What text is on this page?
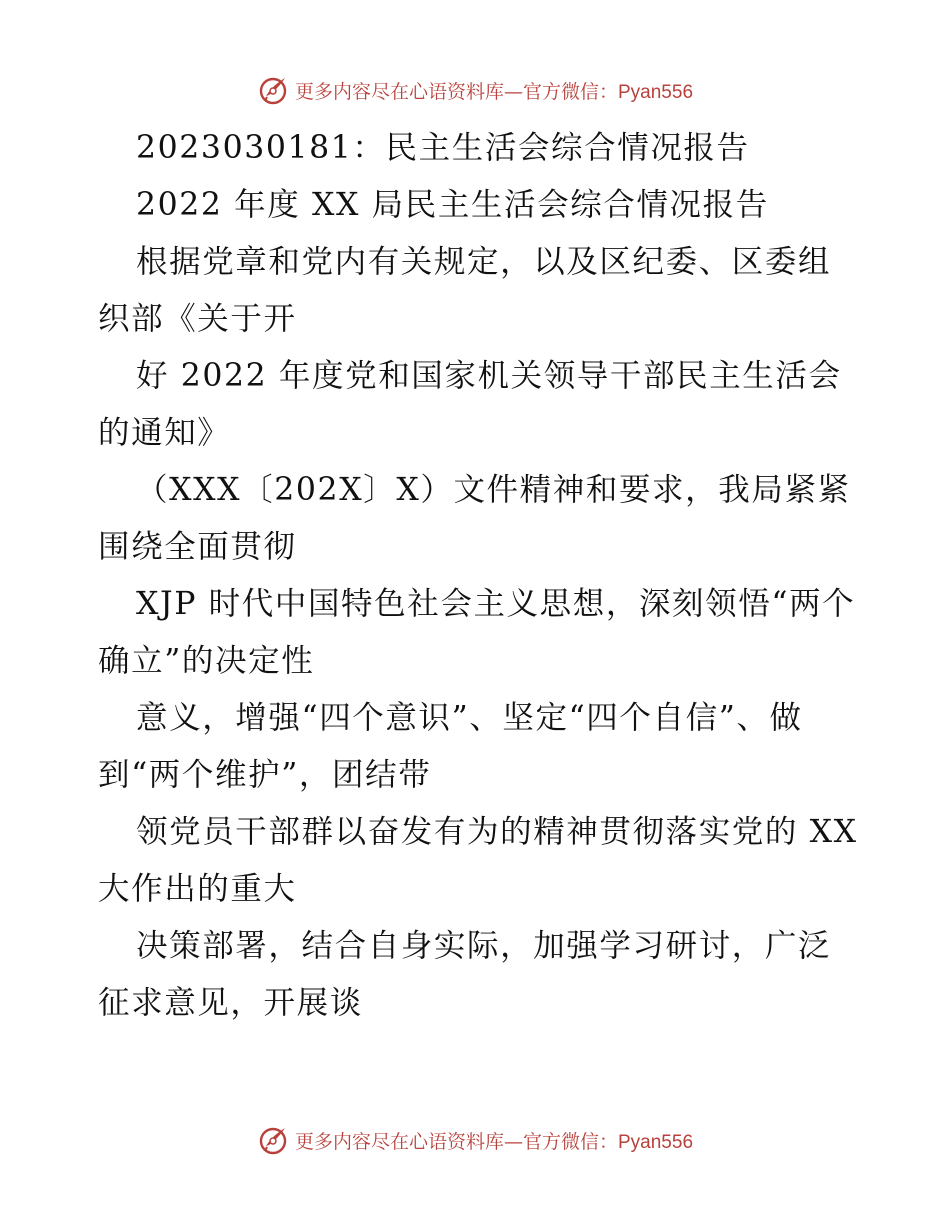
更多内容尽在心语资料库—官方微信：Pyan556

2023030181：民主生活会综合情况报告

2022 年度 XX 局民主生活会综合情况报告

根据党章和党内有关规定，以及区纪委、区委组织部《关于开

好 2022 年度党和国家机关领导干部民主生活会的通知》

（XXX〔202X〕X）文件精神和要求，我局紧紧围绕全面贯彻

XJP 时代中国特色社会主义思想，深刻领悟“两个确立”的决定性

意义，增强“四个意识”、坚定“四个自信”、做到“两个维护”，团结带

领党员干部群以奋发有为的精神贯彻落实党的 XX 大作出的重大

决策部署，结合自身实际，加强学习研讨，广泛征求意见，开展谈

更多内容尽在心语资料库—官方微信：Pyan556
